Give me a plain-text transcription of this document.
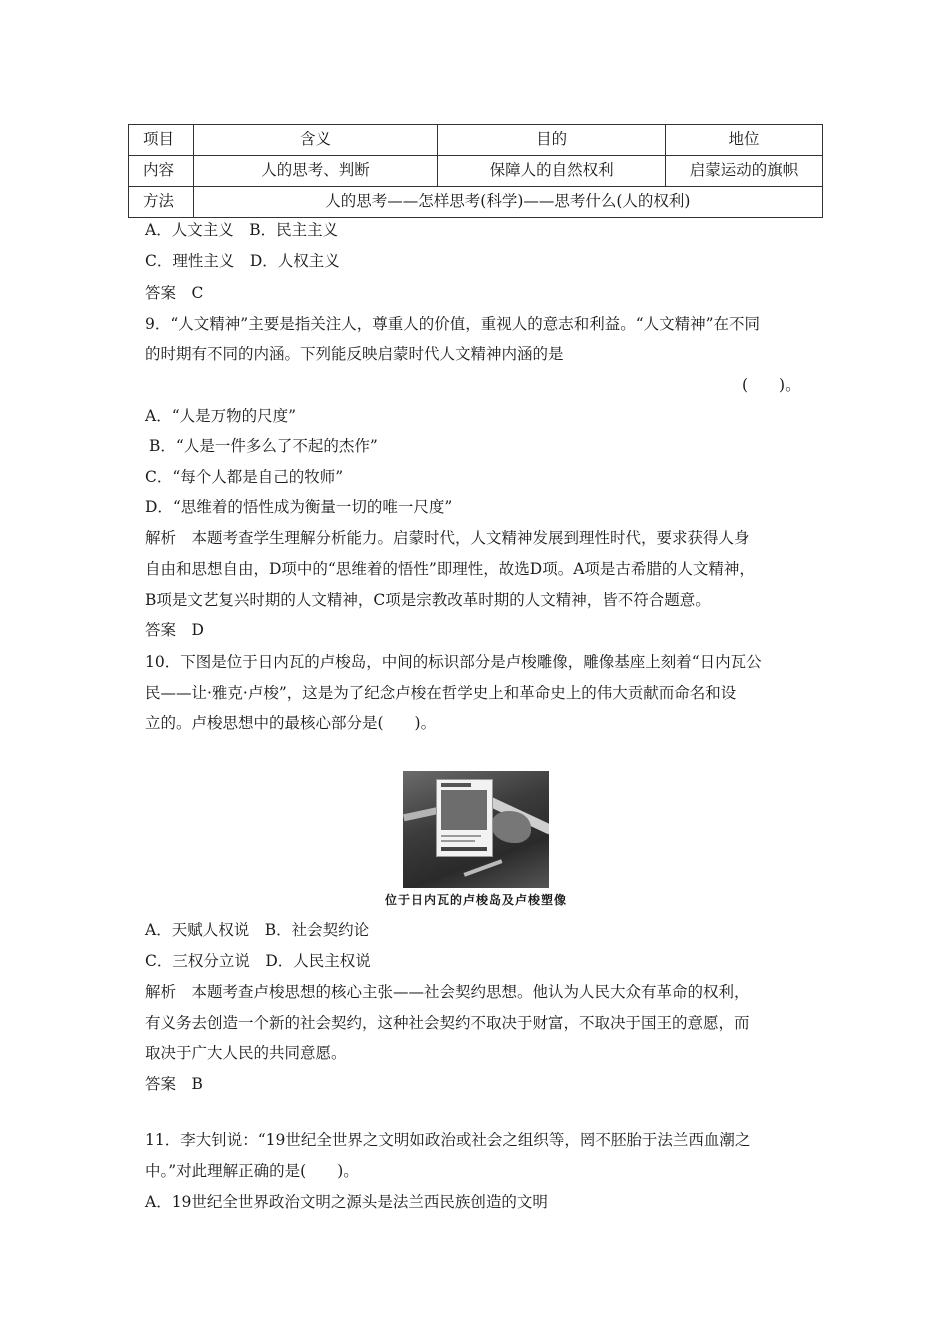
项目	含义	目的	地位
内容	人的思考、判断	保障人的自然权利	启蒙运动的旗帜
方法	人的思考——怎样思考(科学)——思考什么(人的权利)		
A．人文主义　B．民主主义
C．理性主义　D．人权主义
答案　C
9．“人文精神”主要是指关注人，尊重人的价值，重视人的意志和利益。“人文精神”在不同
的时期有不同的内涵。下列能反映启蒙时代人文精神内涵的是
(　　)。
A．“人是万物的尺度”
B．“人是一件多么了不起的杰作”
C．“每个人都是自己的牧师”
D．“思维着的悟性成为衡量一切的唯一尺度”
解析　本题考查学生理解分析能力。启蒙时代，人文精神发展到理性时代，要求获得人身
自由和思想自由，D项中的“思维着的悟性”即理性，故选D项。A项是古希腊的人文精神，
B项是文艺复兴时期的人文精神，C项是宗教改革时期的人文精神，皆不符合题意。
答案　D
10．下图是位于日内瓦的卢梭岛，中间的标识部分是卢梭雕像，雕像基座上刻着“日内瓦公
民——让·雅克·卢梭”，这是为了纪念卢梭在哲学史上和革命史上的伟大贡献而命名和设
立的。卢梭思想中的最核心部分是(　　)。
位于日内瓦的卢梭岛及卢梭塑像
A．天赋人权说　B．社会契约论
C．三权分立说　D．人民主权说
解析　本题考查卢梭思想的核心主张——社会契约思想。他认为人民大众有革命的权利，
有义务去创造一个新的社会契约，这种社会契约不取决于财富，不取决于国王的意愿，而
取决于广大人民的共同意愿。
答案　B
11．李大钊说：“19世纪全世界之文明如政治或社会之组织等，罔不胚胎于法兰西血潮之
中。”对此理解正确的是(　　)。
A．19世纪全世界政治文明之源头是法兰西民族创造的文明
